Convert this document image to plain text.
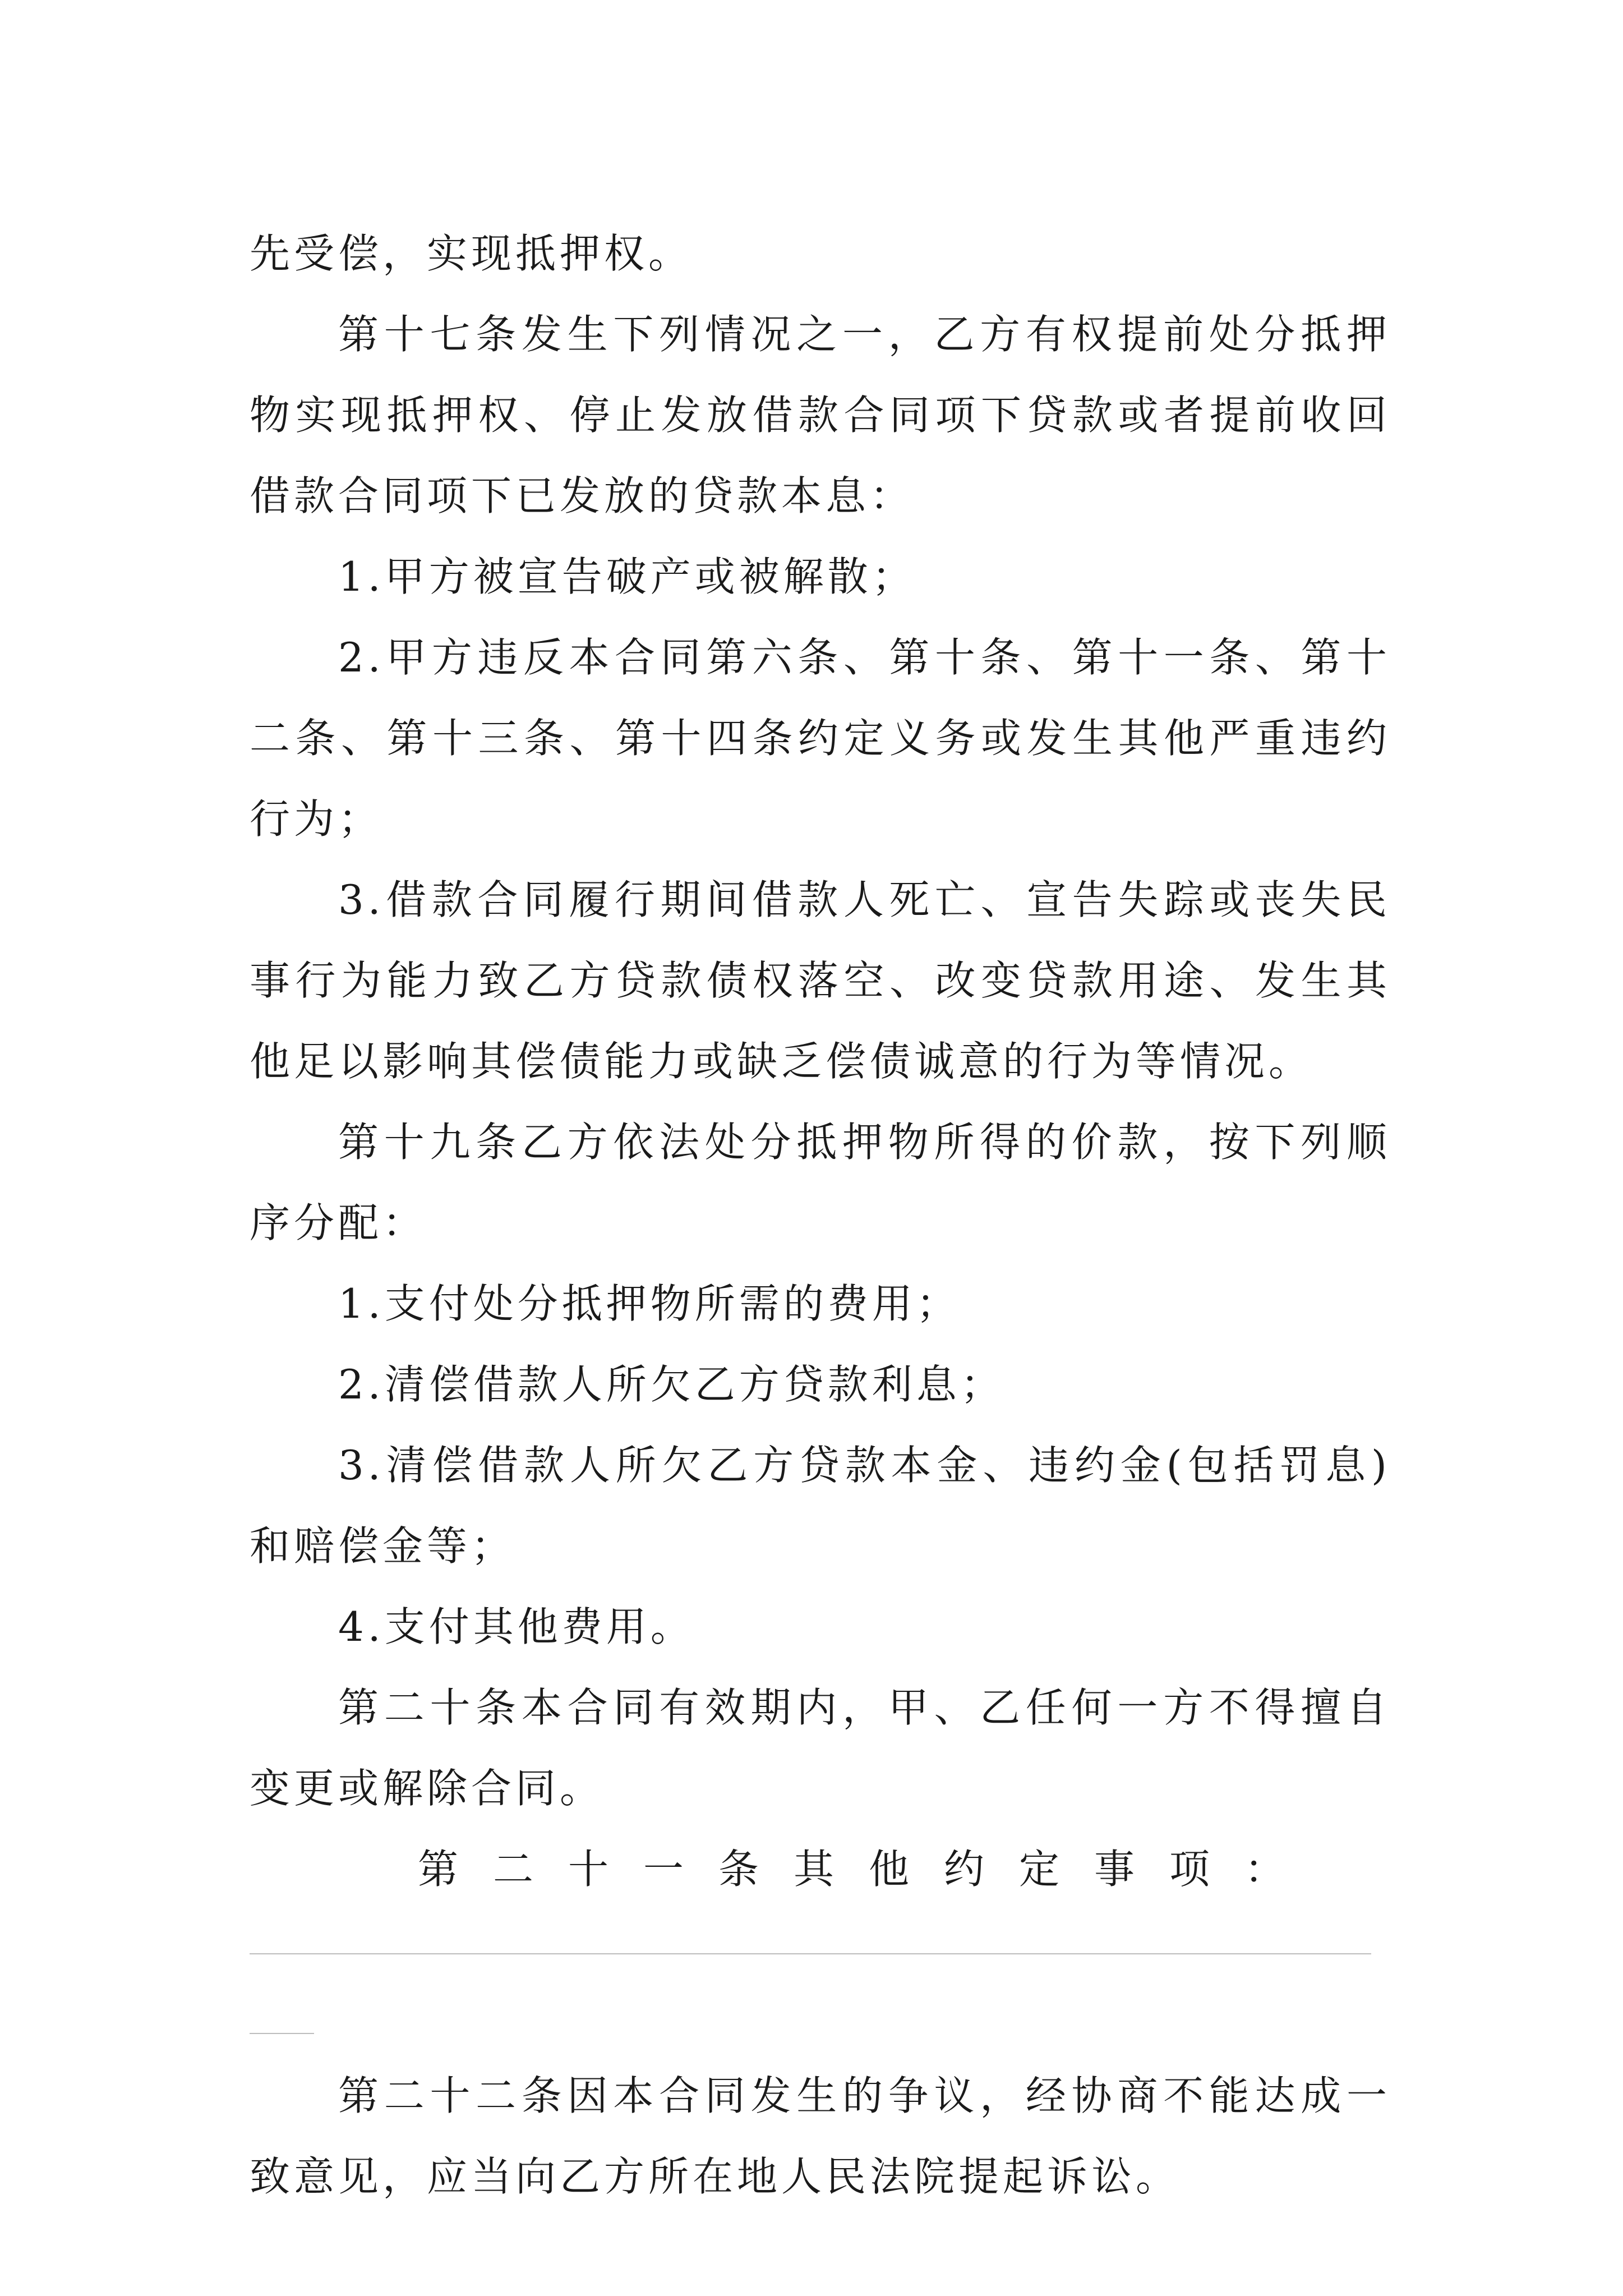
先受偿，实现抵押权。

第十七条发生下列情况之一，乙方有权提前处分抵押物实现抵押权、停止发放借款合同项下贷款或者提前收回借款合同项下已发放的贷款本息：

1.甲方被宣告破产或被解散；

2.甲方违反本合同第六条、第十条、第十一条、第十二条、第十三条、第十四条约定义务或发生其他严重违约行为；

3.借款合同履行期间借款人死亡、宣告失踪或丧失民事行为能力致乙方贷款债权落空、改变贷款用途、发生其他足以影响其偿债能力或缺乏偿债诚意的行为等情况。

第十九条乙方依法处分抵押物所得的价款，按下列顺序分配：

1.支付处分抵押物所需的费用；

2.清偿借款人所欠乙方贷款利息；

3.清偿借款人所欠乙方贷款本金、违约金(包括罚息)和赔偿金等；

4.支付其他费用。

第二十条本合同有效期内，甲、乙任何一方不得擅自变更或解除合同。

第二十一条其他约定事项：

第二十二条因本合同发生的争议，经协商不能达成一致意见，应当向乙方所在地人民法院提起诉讼。
